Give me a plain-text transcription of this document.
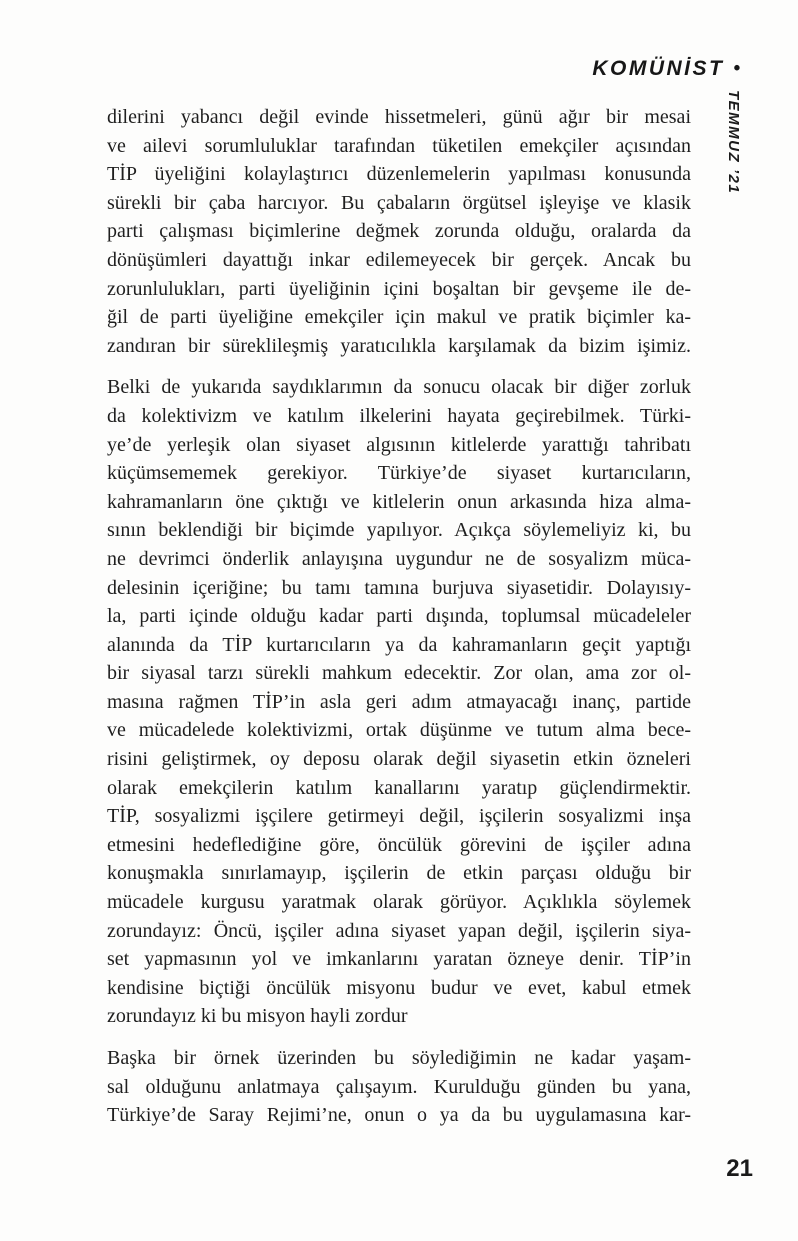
KOMÜNİST •
TEMMUZ ’21

dilerini yabancı değil evinde hissetmeleri, günü ağır bir mesai
ve ailevi sorumluluklar tarafından tüketilen emekçiler açısından
TİP üyeliğini kolaylaştırıcı düzenlemelerin yapılması konusunda
sürekli bir çaba harcıyor. Bu çabaların örgütsel işleyişe ve klasik
parti çalışması biçimlerine değmek zorunda olduğu, oralarda da
dönüşümleri dayattığı inkar edilemeyecek bir gerçek. Ancak bu
zorunlulukları, parti üyeliğinin içini boşaltan bir gevşeme ile de-
ğil de parti üyeliğine emekçiler için makul ve pratik biçimler ka-
zandıran bir süreklileşmiş yaratıcılıkla karşılamak da bizim işimiz.

Belki de yukarıda saydıklarımın da sonucu olacak bir diğer zorluk
da kolektivizm ve katılım ilkelerini hayata geçirebilmek. Türki-
ye’de yerleşik olan siyaset algısının kitlelerde yarattığı tahribatı
küçümsememek gerekiyor. Türkiye’de siyaset kurtarıcıların,
kahramanların öne çıktığı ve kitlelerin onun arkasında hiza alma-
sının beklendiği bir biçimde yapılıyor. Açıkça söylemeliyiz ki, bu
ne devrimci önderlik anlayışına uygundur ne de sosyalizm müca-
delesinin içeriğine; bu tamı tamına burjuva siyasetidir. Dolayısıy-
la, parti içinde olduğu kadar parti dışında, toplumsal mücadeleler
alanında da TİP kurtarıcıların ya da kahramanların geçit yaptığı
bir siyasal tarzı sürekli mahkum edecektir. Zor olan, ama zor ol-
masına rağmen TİP’in asla geri adım atmayacağı inanç, partide
ve mücadelede kolektivizmi, ortak düşünme ve tutum alma bece-
risini geliştirmek, oy deposu olarak değil siyasetin etkin özneleri
olarak emekçilerin katılım kanallarını yaratıp güçlendirmektir.
TİP, sosyalizmi işçilere getirmeyi değil, işçilerin sosyalizmi inşa
etmesini hedeflediğine göre, öncülük görevini de işçiler adına
konuşmakla sınırlamayıp, işçilerin de etkin parçası olduğu bir
mücadele kurgusu yaratmak olarak görüyor. Açıklıkla söylemek
zorundayız: Öncü, işçiler adına siyaset yapan değil, işçilerin siya-
set yapmasının yol ve imkanlarını yaratan özneye denir. TİP’in
kendisine biçtiği öncülük misyonu budur ve evet, kabul etmek
zorundayız ki bu misyon hayli zordur

Başka bir örnek üzerinden bu söylediğimin ne kadar yaşam-
sal olduğunu anlatmaya çalışayım. Kurulduğu günden bu yana,
Türkiye’de Saray Rejimi’ne, onun o ya da bu uygulamasına kar-

21
